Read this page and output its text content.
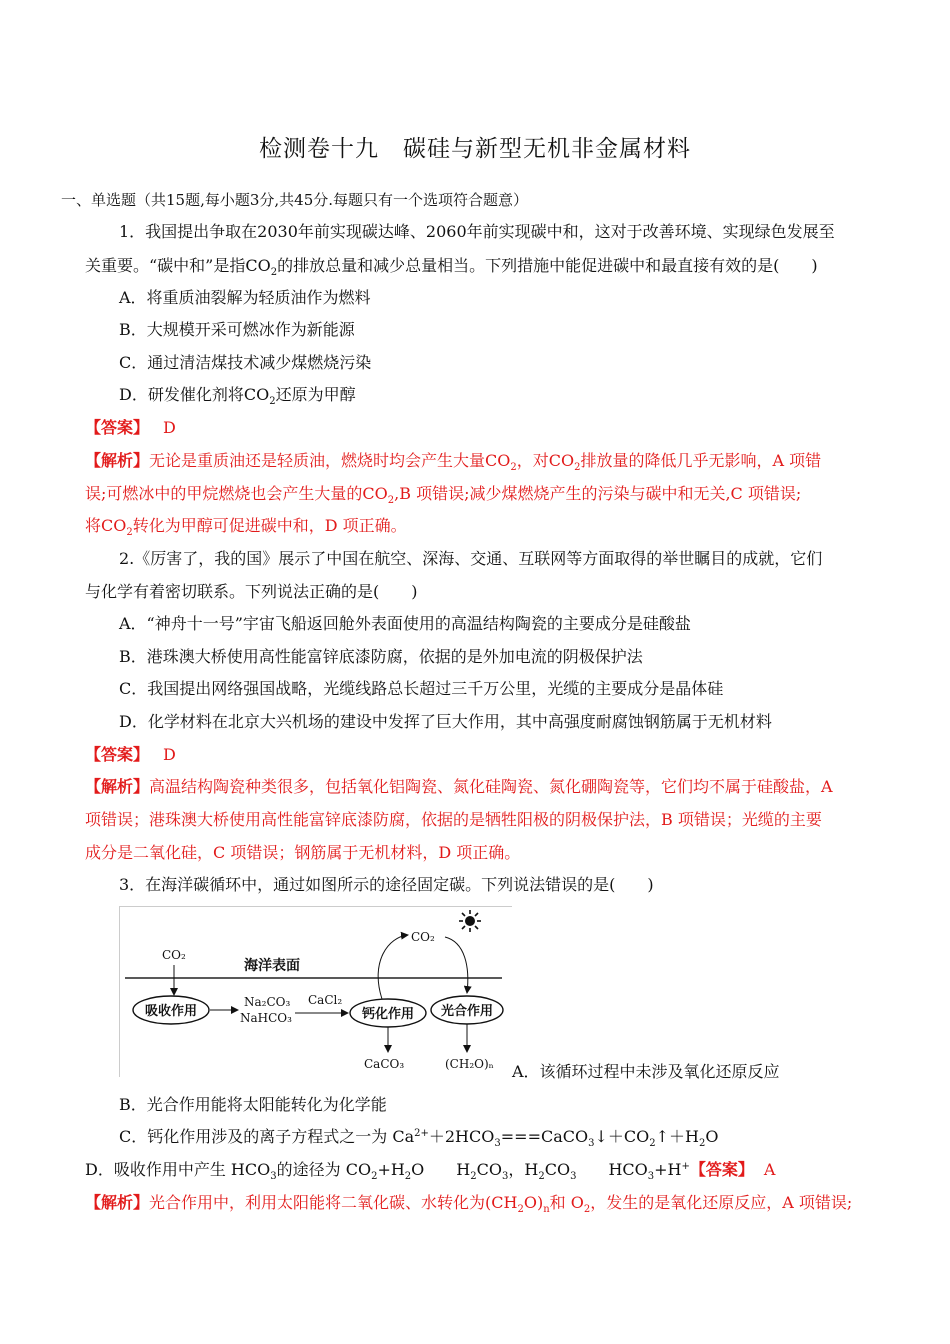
检测卷十九　碳硅与新型无机非金属材料
一、单选题（共15题,每小题3分,共45分.每题只有一个选项符合题意）
1．我国提出争取在2030年前实现碳达峰、2060年前实现碳中和，这对于改善环境、实现绿色发展至
关重要。“碳中和”是指$CO_2$的排放总量和减少总量相当。下列措施中能促进碳中和最直接有效的是(　　)
A．将重质油裂解为轻质油作为燃料
B．大规模开采可燃冰作为新能源
C．通过清洁煤技术减少煤燃烧污染
D．研发催化剂将$CO_2$还原为甲醇
【答案】 D
【解析】无论是重质油还是轻质油，燃烧时均会产生大量$CO_2$，对$CO_2$排放量的降低几乎无影响，A 项错
误;可燃冰中的甲烷燃烧也会产生大量的$CO_2,B$ 项错误;减少煤燃烧产生的污染与碳中和无关,C 项错误;
将$CO_2$转化为甲醇可促进碳中和，D 项正确。
2.《厉害了，我的国》展示了中国在航空、深海、交通、互联网等方面取得的举世瞩目的成就，它们
与化学有着密切联系。下列说法正确的是(　　)
A．“神舟十一号”宇宙飞船返回舱外表面使用的高温结构陶瓷的主要成分是硅酸盐
B．港珠澳大桥使用高性能富锌底漆防腐，依据的是外加电流的阴极保护法
C．我国提出网络强国战略，光缆线路总长超过三千万公里，光缆的主要成分是晶体硅
D．化学材料在北京大兴机场的建设中发挥了巨大作用，其中高强度耐腐蚀钢筋属于无机材料
【答案】 D
【解析】高温结构陶瓷种类很多，包括氧化铝陶瓷、氮化硅陶瓷、氮化硼陶瓷等，它们均不属于硅酸盐，A
项错误；港珠澳大桥使用高性能富锌底漆防腐，依据的是牺牲阳极的阴极保护法，B 项错误；光缆的主要
成分是二氧化硅，C 项错误；钢筋属于无机材料，D 项正确。
3．在海洋碳循环中，通过如图所示的途径固定碳。下列说法错误的是(　　)
海洋表面
CO₂
吸收作用
Na₂CO₃
NaHCO₃
CaCl₂
钙化作用 光合作用
CO₂
CaCO₃	(CH₂O)ₙ A．该循环过程中未涉及氧化还原反应
B．光合作用能将太阳能转化为化学能
C．钙化作用涉及的离子方程式之一为 $Ca^{2+}+2HCO_3===CaCO_3↓+CO_2↑+H_2O$
D．吸收作用中产生 $HCO_3$的途径为 $CO_2+H_2O$　　$H_2CO_3$，$H_2CO_3$　　$HCO_3+H^+$【答案】 A
【解析】光合作用中，利用太阳能将二氧化碳、水转化为$(CH_2O)_n$和 $O_2$，发生的是氧化还原反应，A 项错误;
